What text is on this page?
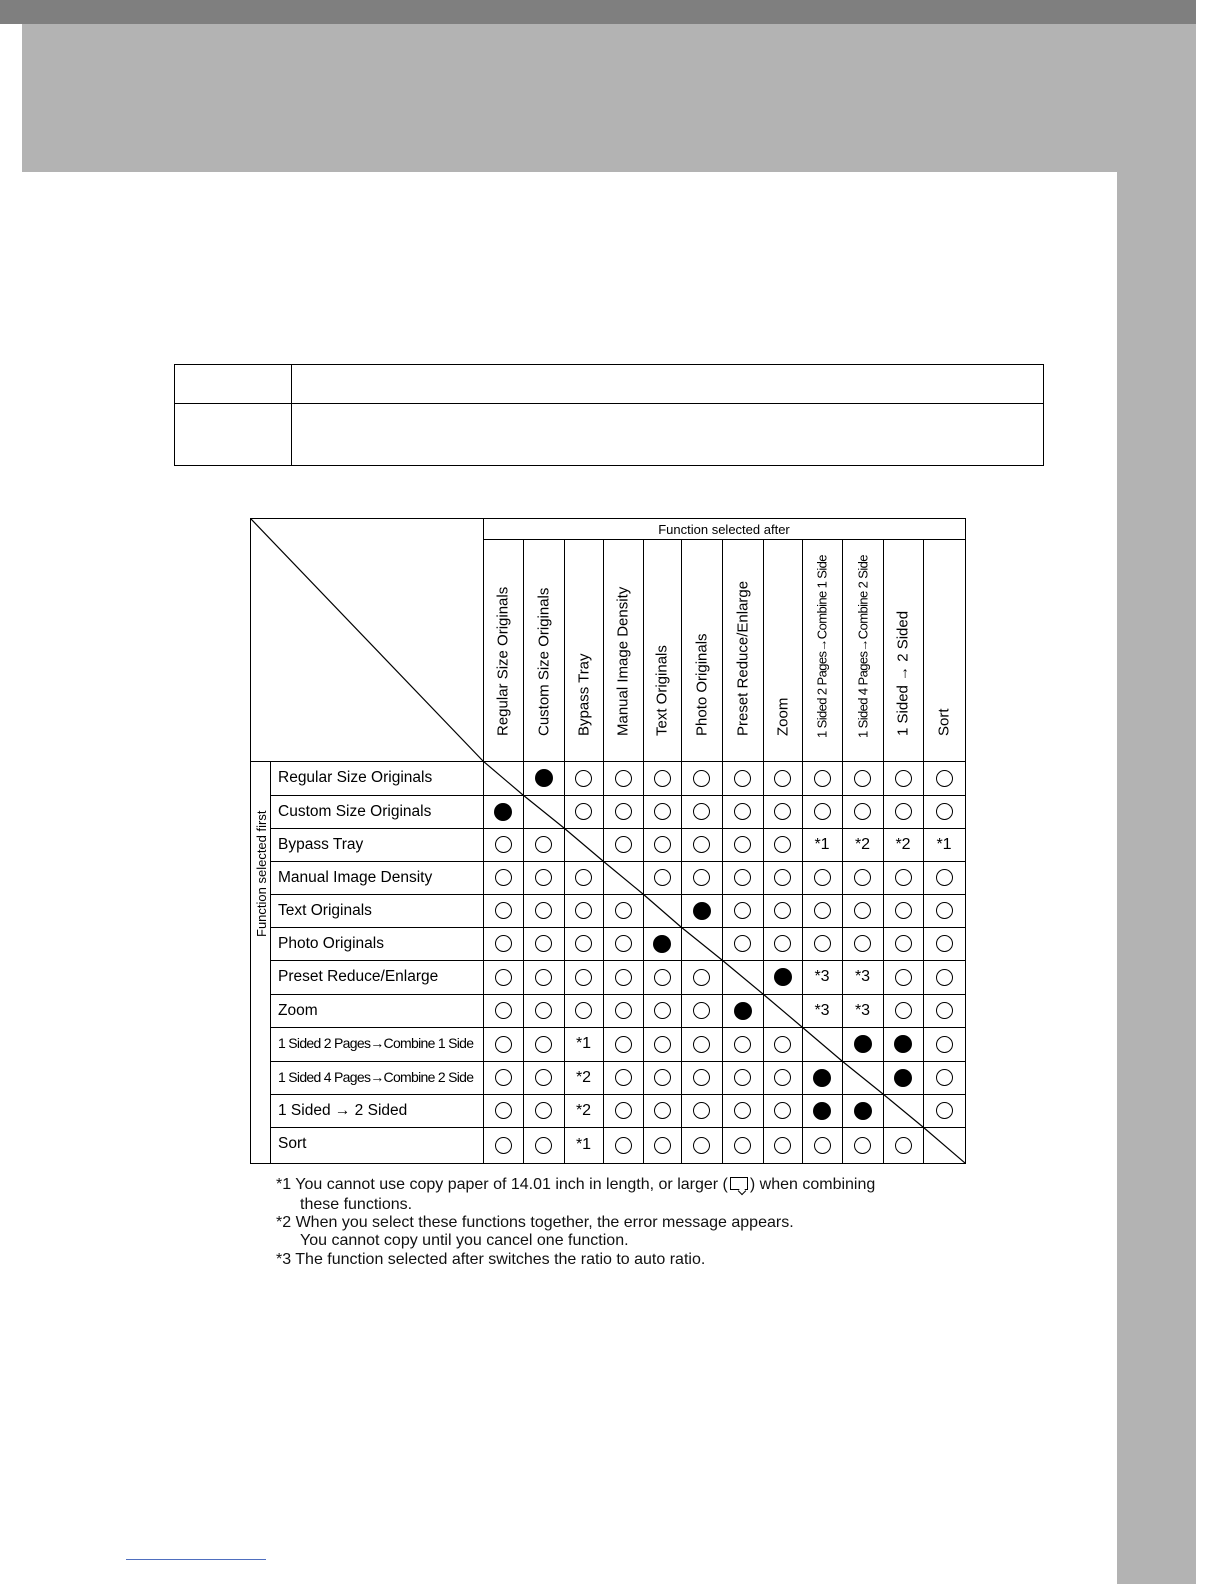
Function selected after
Function selected first
Regular Size Originals Custom Size Originals Bypass Tray Manual Image Density Text Originals Photo Originals Preset Reduce/Enlarge Zoom 1 Sided 2 Pages→Combine 1 Side 1 Sided 4 Pages→Combine 2 Side 1 Sided → 2 Sided Sort
Regular Size Originals
Custom Size Originals
Bypass Tray
Manual Image Density
Text Originals
Photo Originals
Preset Reduce/Enlarge
Zoom
1 Sided 2 Pages→Combine 1 Side
1 Sided 4 Pages→Combine 2 Side
1 Sided → 2 Sided
Sort
*1 *2 *2 *1
*3 *3
*3 *3
*1
*2
*2
*1
*1 You cannot use copy paper of 14.01 inch in length, or larger ( ) when combining
these functions.
*2 When you select these functions together, the error message appears.
You cannot copy until you cancel one function.
*3 The function selected after switches the ratio to auto ratio.
